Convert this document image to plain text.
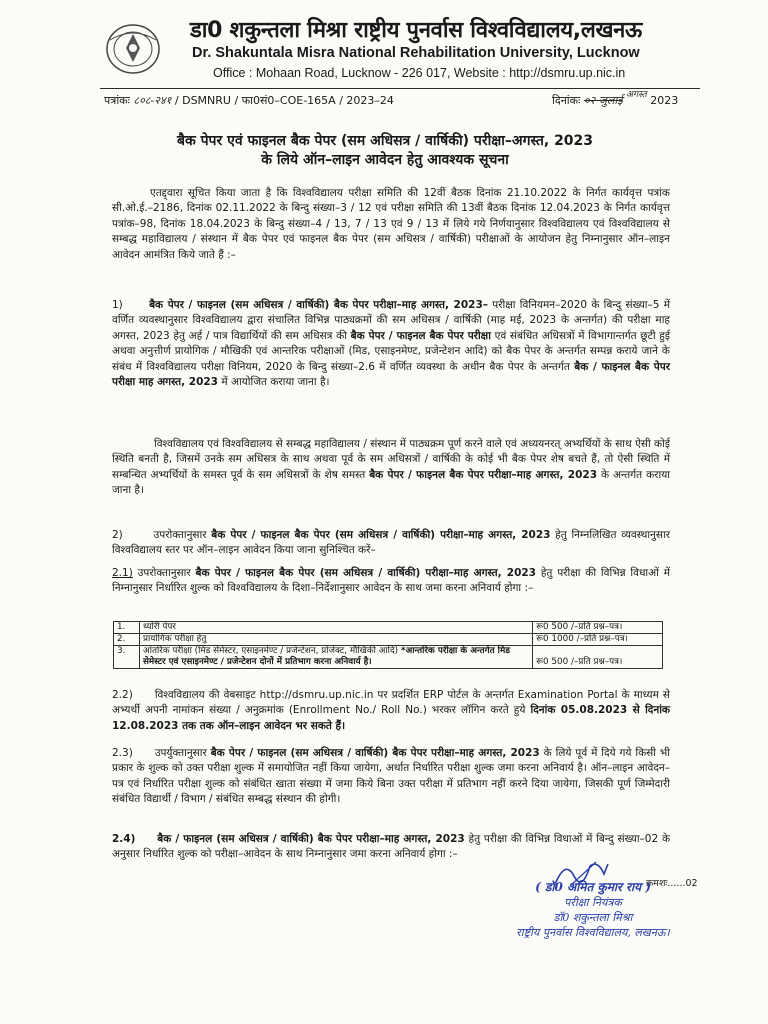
डा0 शकुन्तला मिश्रा राष्ट्रीय पुनर्वास विश्वविद्यालय,लखनऊ
Dr. Shakuntala Misra National Rehabilitation University, Lucknow
Office : Mohaan Road, Lucknow - 226 017, Website : http://dsmru.up.nic.in
पत्रांकः ८०८-२४१ / DSMNRU / फा0सं0–COE-165A / 2023–24	दिनांकः ०२ जुलाई $^{अगस्त}$ 2023
बैक पेपर एवं फाइनल बैक पेपर (सम अधिसत्र / वार्षिकी) परीक्षा–अगस्त, 2023
के लिये ऑन–लाइन आवेदन हेतु आवश्यक सूचना
एतद्द्वारा सूचित किया जाता है कि विश्वविद्यालय परीक्षा समिति की 12वीं बैठक दिनांक 21.10.2022 के निर्गत कार्यवृत्त पत्रांक सी.ओ.ई.–2186, दिनांक 02.11.2022 के बिन्दु संख्या–3 / 12 एवं परीक्षा समिति की 13वीं बैठक दिनांक 12.04.2023 के निर्गत कार्यवृत्त पत्रांक–98, दिनांक 18.04.2023 के बिन्दु संख्या–4 / 13, 7 / 13 एवं 9 / 13 में लिये गये निर्णयानुसार विश्वविद्यालय एवं विश्वविद्यालय से सम्बद्ध महाविद्यालय / संस्थान में बैक पेपर एवं फाइनल बैक पेपर (सम अधिसत्र / वार्षिकी) परीक्षाओं के आयोजन हेतु निम्नानुसार ऑन–लाइन आवेदन आमंत्रित किये जाते हैं :–
1)	बैक पेपर / फाइनल (सम अधिसत्र / वार्षिकी) बैक पेपर परीक्षा–माह अगस्त, 2023– परीक्षा विनियमन–2020 के बिन्दु संख्या–5 में वर्णित व्यवस्थानुसार विश्वविद्यालय द्वारा संचालित विभिन्न पाठ्यक्रमों की सम अधिसत्र / वार्षिकी (माह मई, 2023 के अन्तर्गत) की परीक्षा माह अगस्त, 2023 हेतु अर्ह / पात्र विद्यार्थियों की सम अधिसत्र की बैक पेपर / फाइनल बैक पेपर परीक्षा एवं संबंधित अधिसत्रों में विभागान्तर्गत छूटी हुई अथवा अनुत्तीर्ण प्रायोगिक / मौखिकी एवं आन्तरिक परीक्षाओं (मिड, एसाइनमेण्ट, प्रजेन्टेशन आदि) को बैक पेपर के अन्तर्गत सम्पन्न कराये जाने के संबंध में विश्वविद्यालय परीक्षा विनियम, 2020 के बिन्दु संख्या–2.6 में वर्णित व्यवस्था के अधीन बैक पेपर के अन्तर्गत बैक / फाइनल बैक पेपर परीक्षा माह अगस्त, 2023 में आयोजित कराया जाना है।
विश्वविद्यालय एवं विश्वविद्यालय से सम्बद्ध महाविद्यालय / संस्थान में पाठ्यक्रम पूर्ण करने वाले एवं अध्ययनरत् अभ्यर्थियों के साथ ऐसी कोई स्थिति बनती है, जिसमें उनके सम अधिसत्र के साथ अथवा पूर्व के सम अधिसत्रों / वार्षिकी के कोई भी बैक पेपर शेष बचते हैं, तो ऐसी स्थिति में सम्बन्धित अभ्यर्थियों के समस्त पूर्व के सम अधिसत्रों के शेष समस्त बैक पेपर / फाइनल बैक पेपर परीक्षा–माह अगस्त, 2023 के अन्तर्गत कराया जाना है।
2)	उपरोक्तानुसार बैक पेपर / फाइनल बैक पेपर (सम अधिसत्र / वार्षिकी) परीक्षा–माह अगस्त, 2023 हेतु निम्नलिखित व्यवस्थानुसार विश्वविद्यालय स्तर पर ऑन–लाइन आवेदन किया जाना सुनिश्चित करें–
2.1) उपरोक्तानुसार बैक पेपर / फाइनल बैक पेपर (सम अधिसत्र / वार्षिकी) परीक्षा–माह अगस्त, 2023 हेतु परीक्षा की विभिन्न विधाओं में निम्नानुसार निर्धारित शुल्क को विश्वविद्यालय के दिशा–निर्देशानुसार आवेदन के साथ जमा करना अनिवार्य होगा :–
1.	थ्योरी पेपर	रू0 500 /–प्रति प्रश्न–पत्र।
2.	प्रायोगिक परीक्षा हेतु	रू0 1000 /–प्रति प्रश्न–पत्र।
3.	आंतरिक परीक्षा (मिड सेमेस्टर, एसाइनमेण्ट / प्रजेन्टेशन, प्रोजेक्ट, मौखिकी आदि) *आन्तरिक परीक्षा के अन्तर्गत मिड सेमेस्टर एवं एसाइनमेण्ट / प्रजेन्टेशन दोनों में प्रतिभाग करना अनिवार्य है।	रू0 500 /–प्रति प्रश्न–पत्र।
2.2) विश्वविद्यालय की वेबसाइट http://dsmru.up.nic.in पर प्रदर्शित ERP पोर्टल के अन्तर्गत Examination Portal के माध्यम से अभ्यर्थी अपनी नामांकन संख्या / अनुक्रमांक (Enrollment No./ Roll No.) भरकर लॉगिन करते हुये दिनांक 05.08.2023 से दिनांक 12.08.2023 तक तक ऑन–लाइन आवेदन भर सकते हैं।
2.3) उपर्युक्तानुसार बैक पेपर / फाइनल (सम अधिसत्र / वार्षिकी) बैक पेपर परीक्षा–माह अगस्त, 2023 के लिये पूर्व में दिये गये किसी भी प्रकार के शुल्क को उक्त परीक्षा शुल्क में समायोजित नहीं किया जायेगा, अर्थात निर्धारित परीक्षा शुल्क जमा करना अनिवार्य है। ऑन–लाइन आवेदन–पत्र एवं निर्धारित परीक्षा शुल्क को संबंधित खाता संख्या में जमा किये बिना उक्त परीक्षा में प्रतिभाग नहीं करने दिया जायेगा, जिसकी पूर्ण जिम्मेदारी संबंधित विद्यार्थी / विभाग / संबंधित सम्बद्ध संस्थान की होगी।
2.4) बैक / फाइनल (सम अधिसत्र / वार्षिकी) बैक पेपर परीक्षा–माह अगस्त, 2023 हेतु परीक्षा की विभिन्न विधाओं में बिन्दु संख्या–02 के अनुसार निर्धारित शुल्क को परीक्षा–आवेदन के साथ निम्नानुसार जमा करना अनिवार्य होगा :–
क्रमशः......02
( डॉ0 अमित कुमार राय )
परीक्षा नियंत्रक
डॉ0 शकुन्तला मिश्रा
राष्ट्रीय पुनर्वास विश्वविद्यालय, लखनऊ।
